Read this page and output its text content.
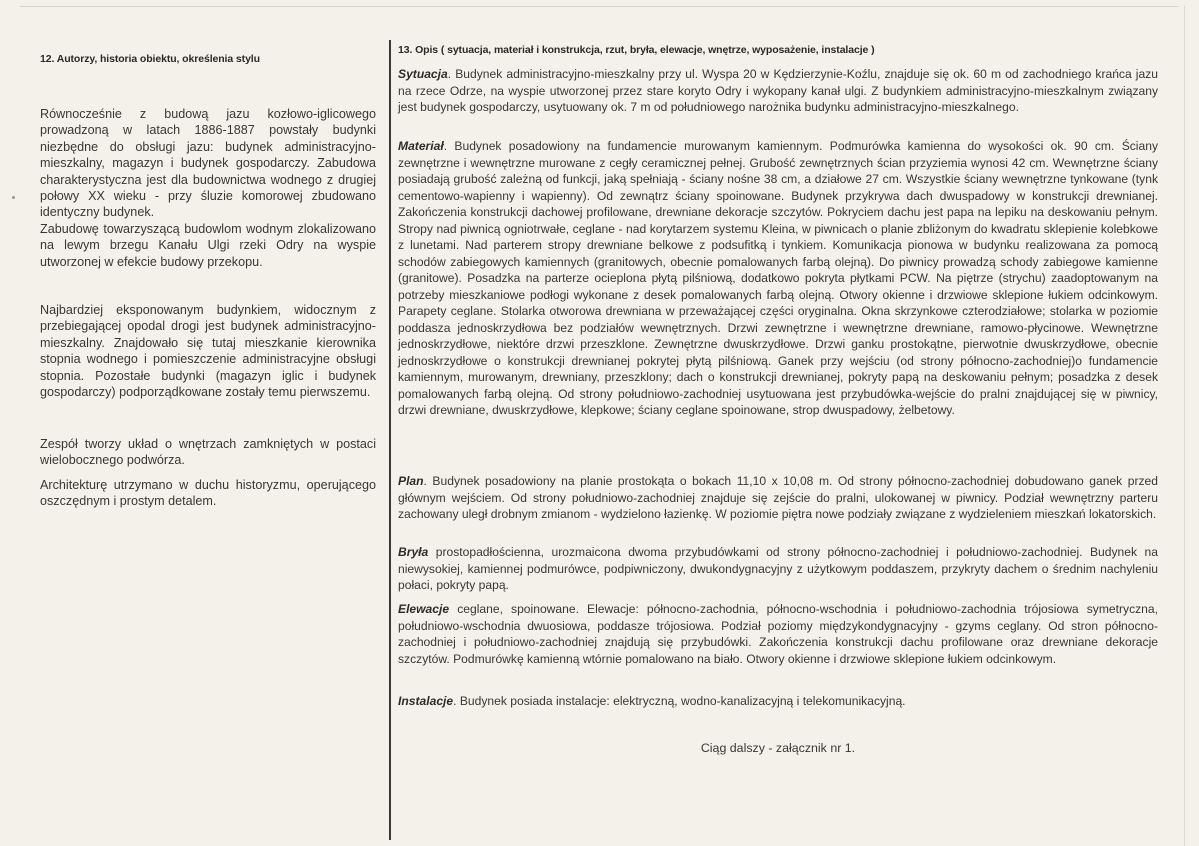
12. Autorzy, historia obiektu, określenia stylu

Równocześnie z budową jazu kozłowo-iglicowego prowadzoną w latach 1886-1887 powstały budynki niezbędne do obsługi jazu: budynek administracyjno-mieszkalny, magazyn i budynek gospodarczy. Zabudowa charakterystyczna jest dla budownictwa wodnego z drugiej połowy XX wieku - przy śluzie komorowej zbudowano identyczny budynek.

Zabudowę towarzyszącą budowlom wodnym zlokalizowano na lewym brzegu Kanału Ulgi rzeki Odry na wyspie utworzonej w efekcie budowy przekopu.

Najbardziej eksponowanym budynkiem, widocznym z przebiegającej opodal drogi jest budynek administracyjno-mieszkalny. Znajdowało się tutaj mieszkanie kierownika stopnia wodnego i pomieszczenie administracyjne obsługi stopnia. Pozostałe budynki (magazyn iglic i budynek gospodarczy) podporządkowane zostały temu pierwszemu.

Zespół tworzy układ o wnętrzach zamkniętych w postaci wielobocznego podwórza.

Architekturę utrzymano w duchu historyzmu, operującego oszczędnym i prostym detalem.

13. Opis ( sytuacja, materiał i konstrukcja, rzut, bryła, elewacje, wnętrze, wyposażenie, instalacje )

Sytuacja. Budynek administracyjno-mieszkalny przy ul. Wyspa 20 w Kędzierzynie-Koźlu, znajduje się ok. 60 m od zachodniego krańca jazu na rzece Odrze, na wyspie utworzonej przez stare koryto Odry i wykopany kanał ulgi. Z budynkiem administracyjno-mieszkalnym związany jest budynek gospodarczy, usytuowany ok. 7 m od południowego narożnika budynku administracyjno-mieszkalnego.

Materiał. Budynek posadowiony na fundamencie murowanym kamiennym. Podmurówka kamienna do wysokości ok. 90 cm. Ściany zewnętrzne i wewnętrzne murowane z cegły ceramicznej pełnej. Grubość zewnętrznych ścian przyziemia wynosi 42 cm. Wewnętrzne ściany posiadają grubość zależną od funkcji, jaką spełniają - ściany nośne 38 cm, a działowe 27 cm. Wszystkie ściany wewnętrzne tynkowane (tynk cementowo-wapienny i wapienny). Od zewnątrz ściany spoinowane. Budynek przykrywa dach dwuspadowy w konstrukcji drewnianej. Zakończenia konstrukcji dachowej profilowane, drewniane dekoracje szczytów. Pokryciem dachu jest papa na lepiku na deskowaniu pełnym. Stropy nad piwnicą ogniotrwałe, ceglane - nad korytarzem systemu Kleina, w piwnicach o planie zbliżonym do kwadratu sklepienie kolebkowe z lunetami. Nad parterem stropy drewniane belkowe z podsufitką i tynkiem. Komunikacja pionowa w budynku realizowana za pomocą schodów zabiegowych kamiennych (granitowych, obecnie pomalowanych farbą olejną). Do piwnicy prowadzą schody zabiegowe kamienne (granitowe). Posadzka na parterze ocieplona płytą pilśniową, dodatkowo pokryta płytkami PCW. Na piętrze (strychu) zaadoptowanym na potrzeby mieszkaniowe podłogi wykonane z desek pomalowanych farbą olejną. Otwory okienne i drzwiowe sklepione łukiem odcinkowym. Parapety ceglane. Stolarka otworowa drewniana w przeważającej części oryginalna. Okna skrzynkowe czterodziałowe; stolarka w poziomie poddasza jednoskrzydłowa bez podziałów wewnętrznych. Drzwi zewnętrzne i wewnętrzne drewniane, ramowo-płycinowe. Wewnętrzne jednoskrzydłowe, niektóre drzwi przeszklone. Zewnętrzne dwuskrzydłowe. Drzwi ganku prostokątne, pierwotnie dwuskrzydłowe, obecnie jednoskrzydłowe o konstrukcji drewnianej pokrytej płytą pilśniową. Ganek przy wejściu (od strony północno-zachodniej)o fundamencie kamiennym, murowanym, drewniany, przeszklony; dach o konstrukcji drewnianej, pokryty papą na deskowaniu pełnym; posadzka z desek pomalowanych farbą olejną. Od strony południowo-zachodniej usytuowana jest przybudówka-wejście do pralni znajdującej się w piwnicy, drzwi drewniane, dwuskrzydłowe, klepkowe; ściany ceglane spoinowane, strop dwuspadowy, żelbetowy.

Plan. Budynek posadowiony na planie prostokąta o bokach 11,10 x 10,08 m. Od strony północno-zachodniej dobudowano ganek przed głównym wejściem. Od strony południowo-zachodniej znajduje się zejście do pralni, ulokowanej w piwnicy. Podział wewnętrzny parteru zachowany uległ drobnym zmianom - wydzielono łazienkę. W poziomie piętra nowe podziały związane z wydzieleniem mieszkań lokatorskich.

Bryła prostopadłościenna, urozmaicona dwoma przybudówkami od strony północno-zachodniej i południowo-zachodniej. Budynek na niewysokiej, kamiennej podmurówce, podpiwniczony, dwukondygnacyjny z użytkowym poddaszem, przykryty dachem o średnim nachyleniu połaci, pokryty papą.

Elewacje ceglane, spoinowane. Elewacje: północno-zachodnia, północno-wschodnia i południowo-zachodnia trójosiowa symetryczna, południowo-wschodnia dwuosiowa, poddasze trójosiowa. Podział poziomy międzykondygnacyjny - gzyms ceglany. Od stron północno-zachodniej i południowo-zachodniej znajdują się przybudówki. Zakończenia konstrukcji dachu profilowane oraz drewniane dekoracje szczytów. Podmurówkę kamienną wtórnie pomalowano na biało. Otwory okienne i drzwiowe sklepione łukiem odcinkowym.

Instalacje. Budynek posiada instalacje: elektryczną, wodno-kanalizacyjną i telekomunikacyjną.

Ciąg dalszy - załącznik nr 1.
